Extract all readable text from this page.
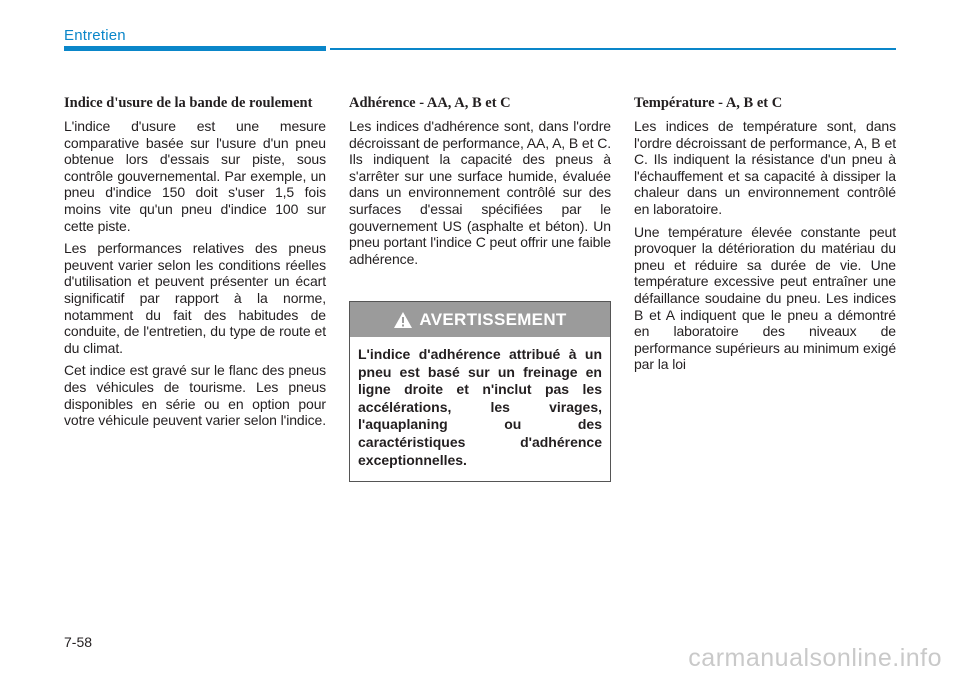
Entretien
Indice d'usure de la bande de roulement

L'indice d'usure est une mesure comparative basée sur l'usure d'un pneu obtenue lors d'essais sur piste, sous contrôle gouvernemental. Par exemple, un pneu d'indice 150 doit s'user 1,5 fois moins vite qu'un pneu d'indice 100 sur cette piste.

Les performances relatives des pneus peuvent varier selon les conditions réelles d'utilisation et peuvent présenter un écart significatif par rapport à la norme, notamment du fait des habitudes de conduite, de l'entretien, du type de route et du climat.

Cet indice est gravé sur le flanc des pneus des véhicules de tourisme. Les pneus disponibles en série ou en option pour votre véhicule peuvent varier selon l'indice.

Adhérence - AA, A, B et C

Les indices d'adhérence sont, dans l'ordre décroissant de performance, AA, A, B et C. Ils indiquent la capacité des pneus à s'arrêter sur une surface humide, évaluée dans un environnement contrôlé sur des surfaces d'essai spécifiées par le gouvernement US (asphalte et béton). Un pneu portant l'indice C peut offrir une faible adhérence.

AVERTISSEMENT
L'indice d'adhérence attribué à un pneu est basé sur un freinage en ligne droite et n'inclut pas les accélérations, les virages, l'aquaplaning ou des caractéristiques d'adhérence exceptionnelles.
Température - A, B et C

Les indices de température sont, dans l'ordre décroissant de performance, A, B et C. Ils indiquent la résistance d'un pneu à l'échauffement et sa capacité à dissiper la chaleur dans un environnement contrôlé en laboratoire.

Une température élevée constante peut provoquer la détérioration du matériau du pneu et réduire sa durée de vie. Une température excessive peut entraîner une défaillance soudaine du pneu. Les indices B et A indiquent que le pneu a démontré en laboratoire des niveaux de performance supérieurs au minimum exigé par la loi

7-58
carmanualsonline.info
